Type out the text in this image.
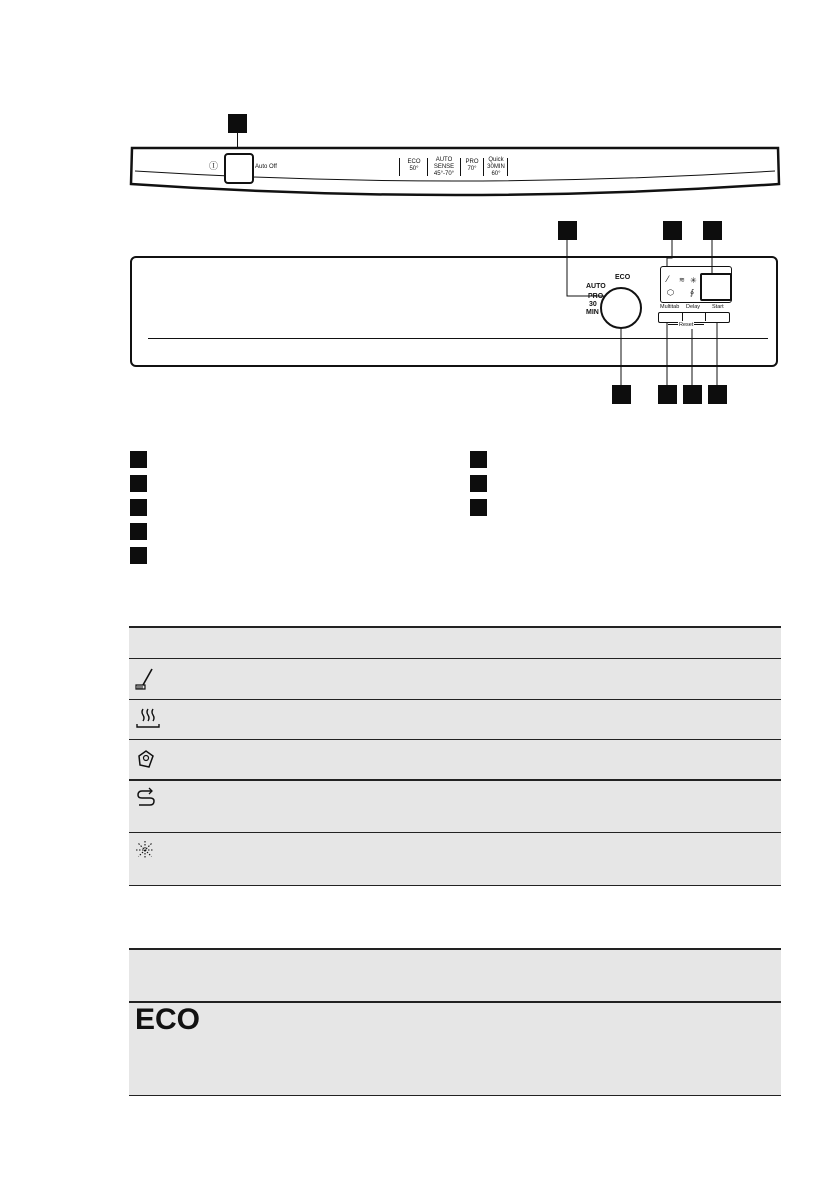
Ⓘ	Auto Off
ECO
50°
AUTO
SENSE
45°-70°
PRO
70°
Quick
30MIN
60°
ECO
AUTO
PRO
30
MIN
⁄ ≋ ✳
⬡ ∮
Multitab Delay Start
Reset
ECO
